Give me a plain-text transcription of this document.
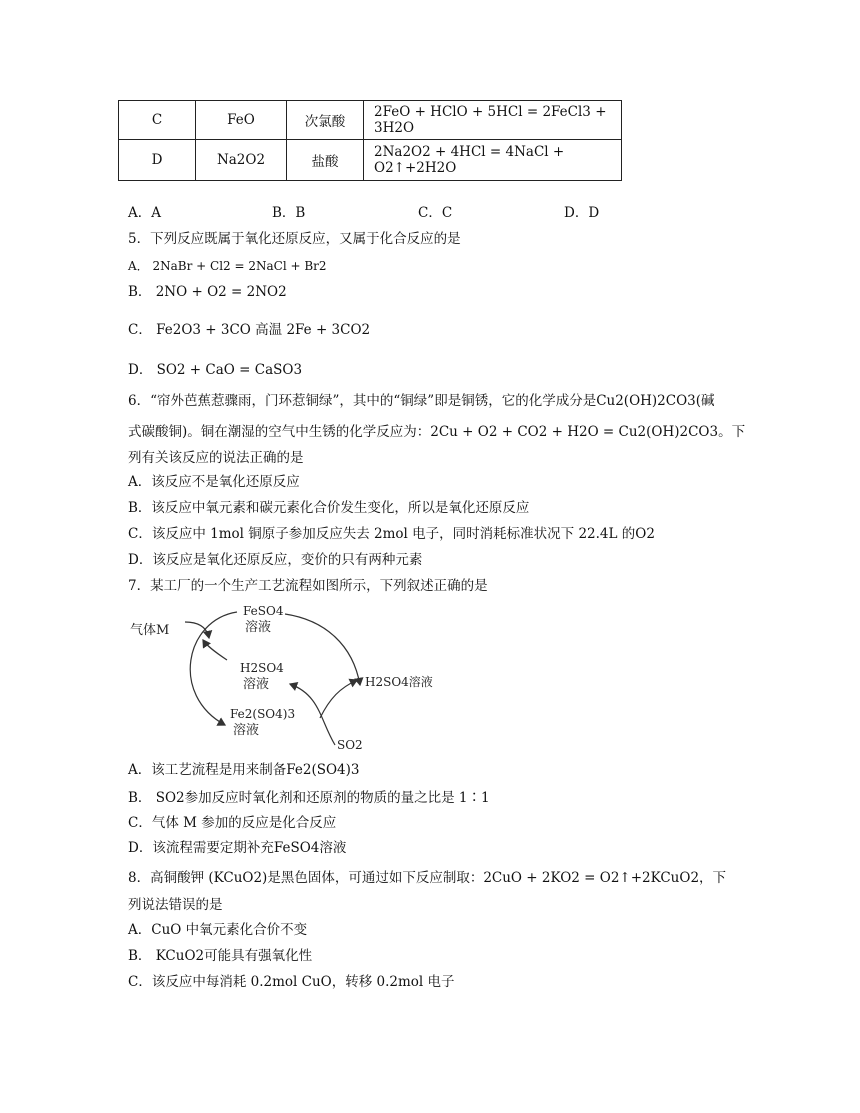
C	FeO	次氯酸	2FeO + HClO + 5HCl = 2FeCl3 + 3H2O
D	Na2O2	盐酸	2Na2O2 + 4HCl = 4NaCl + O2↑+2H2O
A．A	B．B	C．C	D．D
5．下列反应既属于氧化还原反应，又属于化合反应的是
A． 2NaBr + Cl2 = 2NaCl + Br2
B． 2NO + O2 = 2NO2
C． Fe2O3 + 3CO 高温 2Fe + 3CO2
D． SO2 + CaO = CaSO3
6．“帘外芭蕉惹骤雨，门环惹铜绿”，其中的“铜绿”即是铜锈，它的化学成分是Cu2(OH)2CO3(碱
式碳酸铜)。铜在潮湿的空气中生锈的化学反应为：2Cu + O2 + CO2 + H2O = Cu2(OH)2CO3。下
列有关该反应的说法正确的是
A．该反应不是氧化还原反应
B．该反应中氧元素和碳元素化合价发生变化，所以是氧化还原反应
C．该反应中 1mol 铜原子参加反应失去 2mol 电子，同时消耗标准状况下 22.4L 的O2
D．该反应是氧化还原反应，变价的只有两种元素
7．某工厂的一个生产工艺流程如图所示，下列叙述正确的是
气体M
FeSO4
溶液
H2SO4
溶液
Fe2(SO4)3
溶液
H2SO4溶液
SO2
A．该工艺流程是用来制备Fe2(SO4)3
B． SO2参加反应时氧化剂和还原剂的物质的量之比是 1∶1
C．气体 M 参加的反应是化合反应
D．该流程需要定期补充FeSO4溶液
8．高铜酸钾 (KCuO2)是黑色固体，可通过如下反应制取：2CuO + 2KO2 = O2↑+2KCuO2，下
列说法错误的是
A．CuO 中氧元素化合价不变
B． KCuO2可能具有强氧化性
C．该反应中每消耗 0.2mol CuO，转移 0.2mol 电子
